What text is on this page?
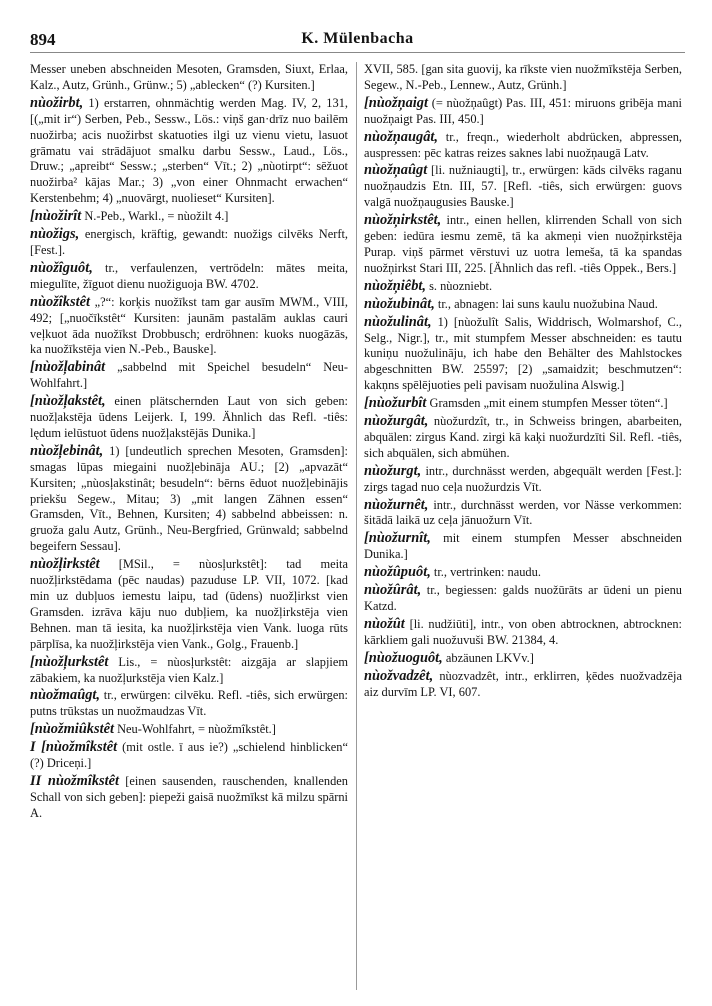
894	K. Mülenbacha
Messer uneben abschneiden Mesoten, Gramsden, Siuxt, Erlaa, Kalz., Autz, Grünh., Grünw.; 5) „ablecken“ (?) Kursiten.]
nùožirbt, 1) erstarren, ohnmächtig werden Mag. IV, 2, 131, [(„mit ir“) Serben, Peb., Sessw., Lös.: viņš gan·drīz nuo bailēm nuožirba; acis nuožirbst skatuoties ilgi uz vienu vietu, lasuot grāmatu vai strādājuot smalku darbu Sessw., Laud., Lös., Druw.; „apreibt“ Sessw.; „sterben“ Vīt.; 2) „nùotirpt“: sēžuot nuožirba² kājas Mar.; 3) „von einer Ohnmacht erwachen“ Kerstenbehm; 4) „nuovārgt, nuolieset“ Kursiten].
[nùožirît N.-Peb., Warkl., = nùožilt 4.]
nùožigs, energisch, kräftig, gewandt: nuožigs cilvēks Nerft, [Fest.].
nùožîguôt, tr., verfaulenzen, vertrödeln: mātes meita, miegulīte, žīguot dienu nuožiguoja BW. 4702.
nùožîkstêt „?“: korķis nuožīkst tam gar ausīm MWM., VIII, 492; [„nuočīkstêt“ Kursiten: jaunām pastalām auklas cauri veļkuot āda nuožīkst Drobbusch; erdröhnen: kuoks nuogāzās, ka nuožīkstēja vien N.-Peb., Bauske].
[nùožļabinât „sabbelnd mit Speichel besudeln“ Neu-Wohlfahrt.]
[nùožļakstêt, einen plätschernden Laut von sich geben: nuožļakstēja ūdens Leijerk. I, 199. Ähnlich das Refl. -tiês: lędum ielūstuot ūdens nuožļakstējās Dunika.]
nùožļebinât, 1) [undeutlich sprechen Mesoten, Gramsden]: smagas lūpas miegaini nuožļebināja AU.; [2) „apvazāt“ Kursiten; „nùosļakstinât; besudeln“: bērns ēduot nuožļebinājis priekšu Segew., Mitau; 3) „mit langen Zähnen essen“ Gramsden, Vīt., Behnen, Kursiten; 4) sabbelnd abbeissen: n. gruoža galu Autz, Grünh., Neu-Bergfried, Grünwald; sabbelnd begeifern Sessau].
nùožļirkstêt [MSil., = nùosļurkstêt]: tad meita nuožļirkstēdama (pēc naudas) pazuduse LP. VII, 1072. [kad min uz dubļuos iemestu laipu, tad (ūdens) nuožļirkst vien Gramsden. izrāva kāju nuo dubļiem, ka nuožļirkstēja vien Behnen. man tā iesita, ka nuožļirkstēja vien Vank. luoga rūts pārplīsa, ka nuožļirkstēja vien Vank., Golg., Frauenb.]
[nùožļurkstêt Lis., = nùosļurkstêt: aizgāja ar slapjiem zābakiem, ka nuožļurkstēja vien Kalz.]
nùožmaûgt, tr., erwürgen: cilvēku. Refl. -tiês, sich erwürgen: putns trūkstas un nuožmaudzas Vīt.
[nùožmiûkstêt Neu-Wohlfahrt, = nùožmîkstêt.]
I [nùožmîkstêt (mit ostle. ī aus ie?) „schielend hinblicken“ (?) Driceņi.]
II nùožmîkstêt [einen sausenden, rauschenden, knallenden Schall von sich geben]: piepeži gaisā nuožmīkst kā milzu spārni A.
XVII, 585. [gan sita guovij, ka rīkste vien nuožmīkstēja Serben, Segew., N.-Peb., Lennew., Autz, Grünh.]
[nùožņaigt (= nùožņaûgt) Pas. III, 451: miruons gribēja mani nuožņaigt Pas. III, 450.]
nùožņaugât, tr., freqn., wiederholt abdrücken, abpressen, auspressen: pēc katras reizes saknes labi nuožņaugā Latv.
nùožņaûgt [li. nužniaugti], tr., erwürgen: kāds cilvēks raganu nuožņaudzis Etn. III, 57. [Refl. -tiês, sich erwürgen: guovs valgā nuožņaugusies Bauske.]
nùožņirkstêt, intr., einen hellen, klirrenden Schall von sich geben: iedūra iesmu zemē, tā ka akmeņi vien nuožņirkstēja Purap. viņš pārmet vērstuvi uz uotra lemeša, tā ka spandas nuožņirkst Stari III, 225. [Ähnlich das refl. -tiês Oppek., Bers.]
nùožņiêbt, s. nùozniebt.
nùožubinât, tr., abnagen: lai suns kaulu nuožubina Naud.
nùožulinât, 1) [nùožulît Salis, Widdrisch, Wolmarshof, C., Selg., Nigr.], tr., mit stumpfem Messer abschneiden: es tautu kuniņu nuožulināju, ich habe den Behälter des Mahlstockes abgeschnitten BW. 25597; [2) „samaidzit; beschmutzen“: kakņns spēlējuoties peli pavisam nuožulina Alswig.]
[nùožurbît Gramsden „mit einem stumpfen Messer töten“.]
nùožurgât, nùožurdzît, tr., in Schweiss bringen, abarbeiten, abquälen: zirgus Kand. zirgi kā kaķi nuožurdzīti Sil. Refl. -tiês, sich abquälen, sich abmühen.
nùožurgt, intr., durchnässt werden, abgequält werden [Fest.]: zirgs tagad nuo ceļa nuožurdzis Vīt.
nùožurnêt, intr., durchnässt werden, vor Nässe verkommen: šitādā laikā uz ceļa jānuožurn Vīt.
[nùožurnît, mit einem stumpfen Messer abschneiden Dunika.]
nùožûpuôt, tr., vertrinken: naudu.
nùožûrât, tr., begiessen: galds nuožūrāts ar ūdeni un pienu Katzd.
nùožût [li. nudžiūti], intr., von oben abtrocknen, abtrocknen: kārkliem gali nuožuvuši BW. 21384, 4.
[nùožuoguôt, abzäunen LKVv.]
nùožvadzêt, nùozvadzêt, intr., erklirren, ķēdes nuožvadzēja aiz durvīm LP. VI, 607.
